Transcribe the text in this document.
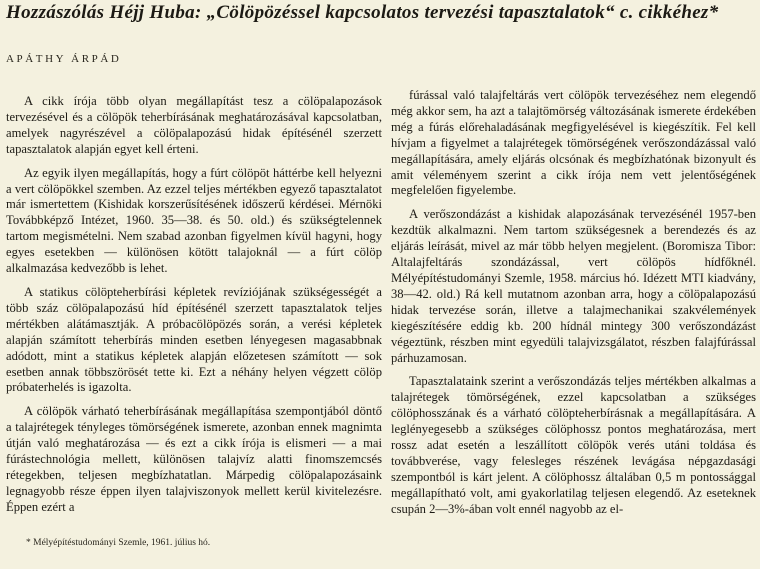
Hozzászólás Héjj Huba: „Cölöpözéssel kapcsolatos tervezési tapasztalatok“ c. cikkéhez*
APÁTHY ÁRPÁD

A cikk írója több olyan megállapítást tesz a cölöpalapozások tervezésével és a cölöpök teherbírásának meghatározásával kapcsolatban, amelyek nagyrészével a cölöpalapozású hidak építésénél szerzett tapasztalatok alapján egyet kell érteni.

Az egyik ilyen megállapítás, hogy a fúrt cölöpöt háttérbe kell helyezni a vert cölöpökkel szemben. Az ezzel teljes mértékben egyező tapasztalatot már ismertettem (Kishidak korszerűsítésének időszerű kérdései. Mérnöki Továbbképző Intézet, 1960. 35—38. és 50. old.) és szükségtelennek tartom megismételni. Nem szabad azonban figyelmen kívül hagyni, hogy egyes esetekben — különösen kötött talajoknál — a fúrt cölöp alkalmazása kedvezőbb is lehet.

A statikus cölöpteherbírási képletek revíziójának szükségességét a több száz cölöpalapozású híd építésénél szerzett tapasztalatok teljes mértékben alátámasztják. A próbacölöpözés során, a verési képletek alapján számított teherbírás minden esetben lényegesen magasabbnak adódott, mint a statikus képletek alapján előzetesen számított — sok esetben annak többszörösét tette ki. Ezt a néhány helyen végzett cölöp próbaterhelés is igazolta.

A cölöpök várható teherbírásának megállapítása szempontjából döntő a talajrétegek tényleges tömörségének ismerete, azonban ennek magnimta útján való meghatározása — és ezt a cikk írója is elismeri — a mai fúrástechnológia mellett, különösen talajvíz alatti finomszemcsés rétegekben, teljesen megbízhatatlan. Márpedig cölöpalapozásaink legnagyobb része éppen ilyen talajviszonyok mellett kerül kivitelezésre. Éppen ezért a

fúrással való talajfeltárás vert cölöpök tervezéséhez nem elegendő még akkor sem, ha azt a talajtömörség változásának ismerete érdekében még a fúrás előrehaladásának megfigyelésével is kiegészítik. Fel kell hívjam a figyelmet a talajrétegek tömörségének verőszondázással való megállapítására, amely eljárás olcsónak és megbízhatónak bizonyult és amit véleményem szerint a cikk írója nem vett jelentőségének megfelelően figyelembe.

A verőszondázást a kishidak alapozásának tervezésénél 1957-ben kezdtük alkalmazni. Nem tartom szükségesnek a berendezés és az eljárás leírását, mivel az már több helyen megjelent. (Boromisza Tibor: Altalajfeltárás szondázással, vert cölöpös hídfőknél. Mélyépítéstudományi Szemle, 1958. március hó. Idézett MTI kiadvány, 38—42. old.) Rá kell mutatnom azonban arra, hogy a cölöpalapozású hidak tervezése során, illetve a talajmechanikai szakvélemények kiegészítésére eddig kb. 200 hídnál mintegy 300 verőszondázást végeztünk, részben mint egyedüli talajvizsgálatot, részben falajfúrással párhuzamosan.

Tapasztalataink szerint a verőszondázás teljes mértékben alkalmas a talajrétegek tömörségének, ezzel kapcsolatban a szükséges cölöphosszának és a várható cölöpteherbírásnak a megállapítására. A leglényegesebb a szükséges cölöphossz pontos meghatározása, mert rossz adat esetén a leszállított cölöpök verés utáni toldása és továbbverése, vagy felesleges részének levágása népgazdasági szempontból is kárt jelent. A cölöphossz általában 0,5 m pontossággal megállapítható volt, ami gyakorlatilag teljesen elegendő. Az eseteknek csupán 2—3%-ában volt ennél nagyobb az el-

* Mélyépítéstudományi Szemle, 1961. július hó.
